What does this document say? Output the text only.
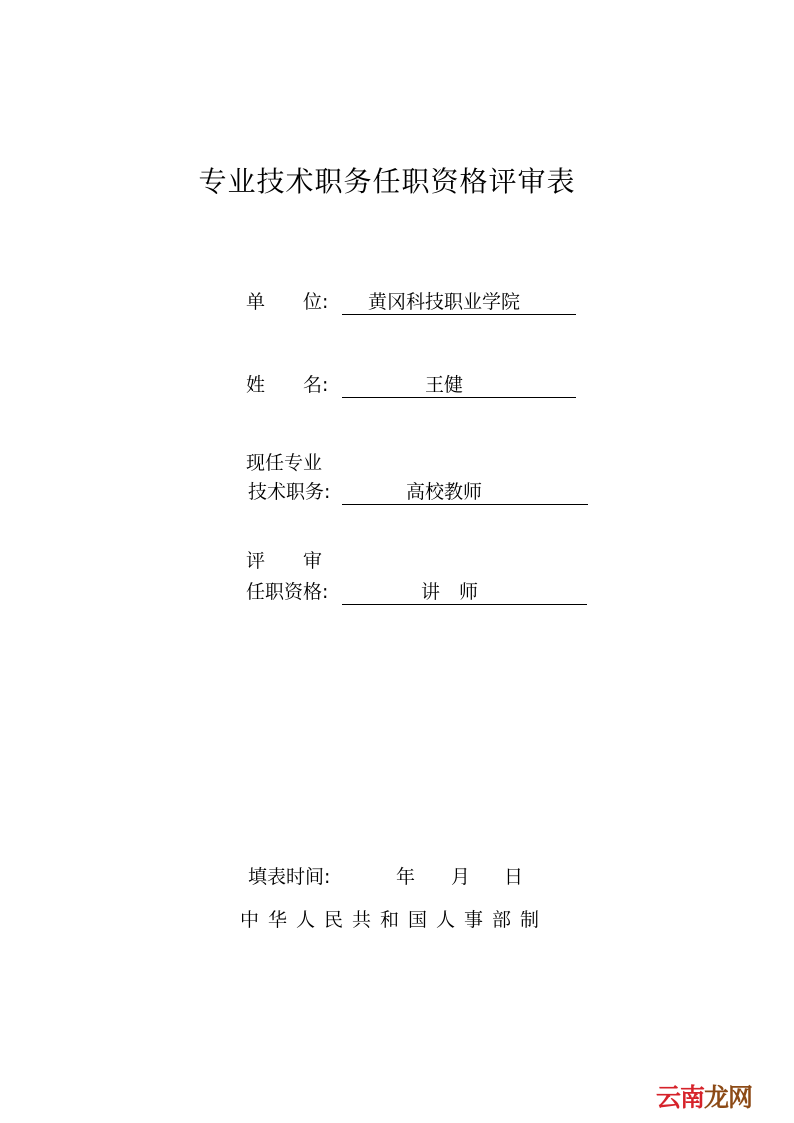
专业技术职务任职资格评审表
单　　位:	黄冈科技职业学院
姓　　名:	王健
现任专业
技术职务:	高校教师
评　　审
任职资格:	讲　师
填表时间:	年 月 日
中华人民共和国人事部制
云南龙网
